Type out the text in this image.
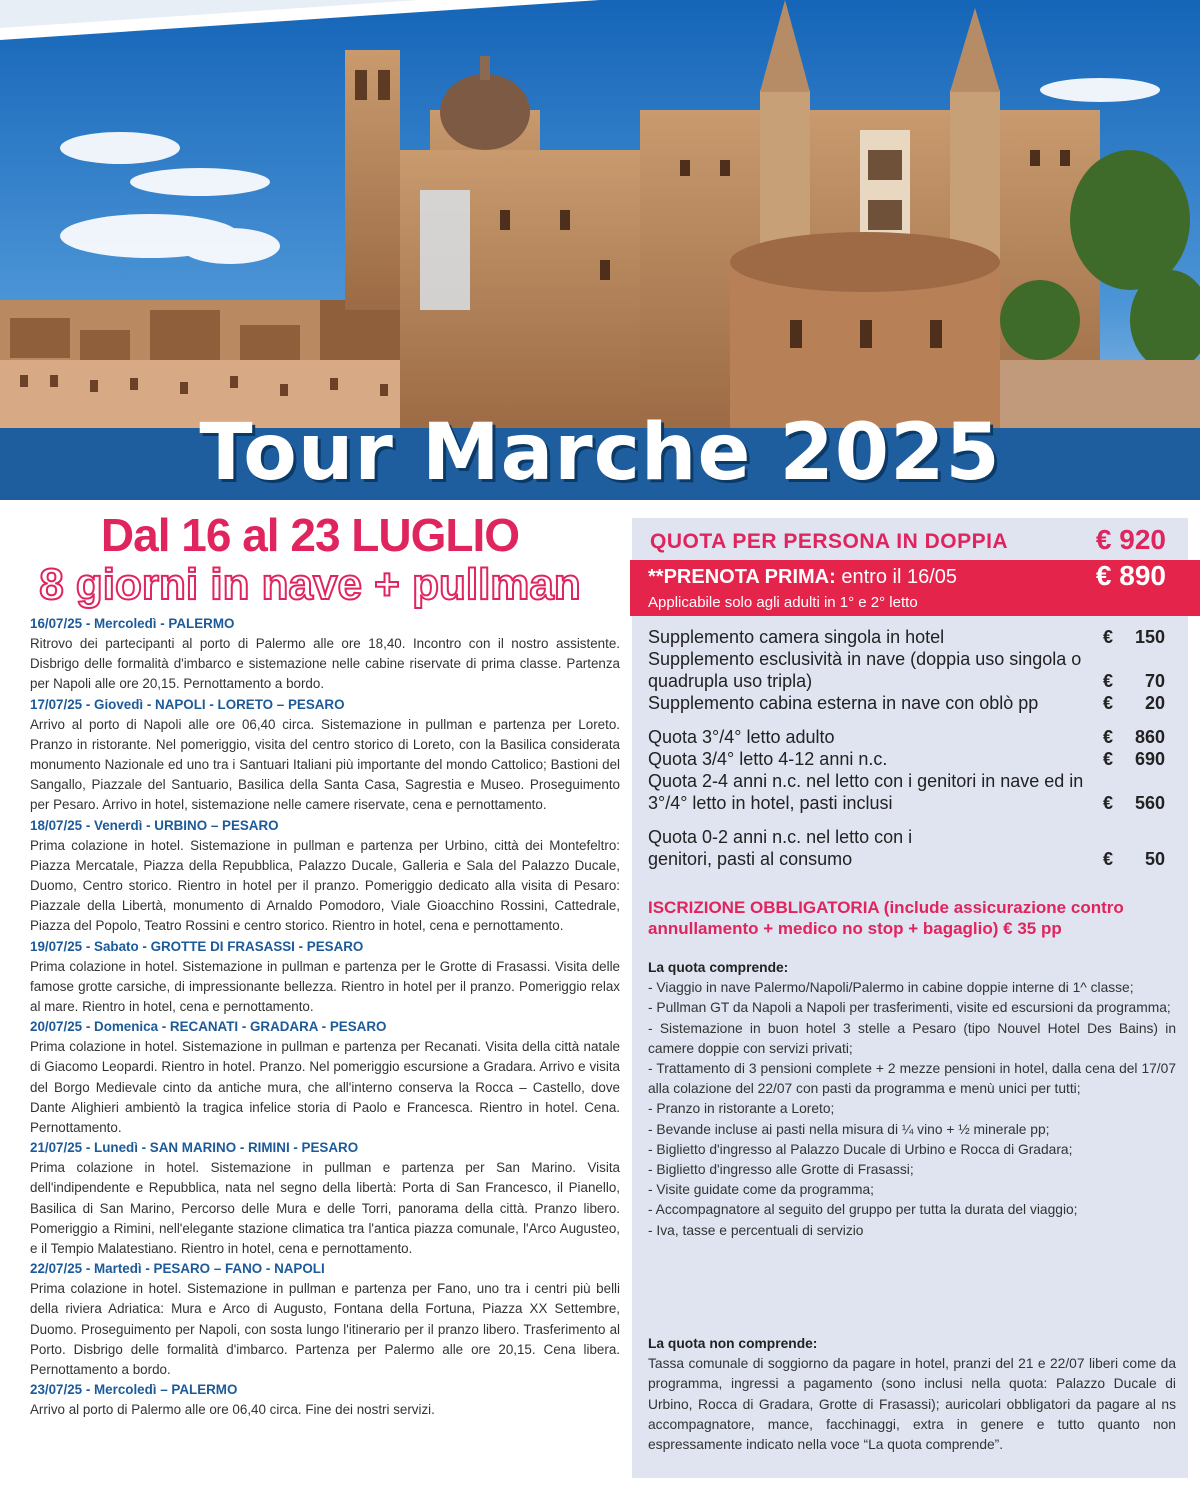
Tour Marche 2025
Dal 16 al 23 LUGLIO
8 giorni in nave + pullman
16/07/25 - Mercoledì - PALERMO
Ritrovo dei partecipanti al porto di Palermo alle ore 18,40. Incontro con il nostro assistente. Disbrigo delle formalità d'imbarco e sistemazione nelle cabine riservate di prima classe. Partenza per Napoli alle ore 20,15. Pernottamento a bordo.
17/07/25 - Giovedì - NAPOLI - LORETO – PESARO
Arrivo al porto di Napoli alle ore 06,40 circa. Sistemazione in pullman e partenza per Loreto. Pranzo in ristorante. Nel pomeriggio, visita del centro storico di Loreto, con la Basilica considerata monumento Nazionale ed uno tra i Santuari Italiani più importante del mondo Cattolico; Bastioni del Sangallo, Piazzale del Santuario, Basilica della Santa Casa, Sagrestia e Museo. Proseguimento per Pesaro. Arrivo in hotel, sistemazione nelle camere riservate, cena e pernottamento.
18/07/25 - Venerdì - URBINO – PESARO
Prima colazione in hotel. Sistemazione in pullman e partenza per Urbino, città dei Montefeltro: Piazza Mercatale, Piazza della Repubblica, Palazzo Ducale, Galleria e Sala del Palazzo Ducale, Duomo, Centro storico. Rientro in hotel per il pranzo. Pomeriggio dedicato alla visita di Pesaro: Piazzale della Libertà, monumento di Arnaldo Pomodoro, Viale Gioacchino Rossini, Cattedrale, Piazza del Popolo, Teatro Rossini e centro storico. Rientro in hotel, cena e pernottamento.
19/07/25 - Sabato - GROTTE DI FRASASSI - PESARO
Prima colazione in hotel. Sistemazione in pullman e partenza per le Grotte di Frasassi. Visita delle famose grotte carsiche, di impressionante bellezza. Rientro in hotel per il pranzo. Pomeriggio relax al mare. Rientro in hotel, cena e pernottamento.
20/07/25 - Domenica - RECANATI - GRADARA - PESARO
Prima colazione in hotel. Sistemazione in pullman e partenza per Recanati. Visita della città natale di Giacomo Leopardi. Rientro in hotel. Pranzo. Nel pomeriggio escursione a Gradara. Arrivo e visita del Borgo Medievale cinto da antiche mura, che all'interno conserva la Rocca – Castello, dove Dante Alighieri ambientò la tragica infelice storia di Paolo e Francesca. Rientro in hotel. Cena. Pernottamento.
21/07/25 - Lunedì - SAN MARINO - RIMINI - PESARO
Prima colazione in hotel. Sistemazione in pullman e partenza per San Marino. Visita dell'indipendente e Repubblica, nata nel segno della libertà: Porta di San Francesco, il Pianello, Basilica di San Marino, Percorso delle Mura e delle Torri, panorama della città. Pranzo libero. Pomeriggio a Rimini, nell'elegante stazione climatica tra l'antica piazza comunale, l'Arco Augusteo, e il Tempio Malatestiano. Rientro in hotel, cena e pernottamento.
22/07/25 - Martedì - PESARO – FANO - NAPOLI
Prima colazione in hotel. Sistemazione in pullman e partenza per Fano, uno tra i centri più belli della riviera Adriatica: Mura e Arco di Augusto, Fontana della Fortuna, Piazza XX Settembre, Duomo. Proseguimento per Napoli, con sosta lungo l'itinerario per il pranzo libero. Trasferimento al Porto. Disbrigo delle formalità d'imbarco. Partenza per Palermo alle ore 20,15. Cena libera. Pernottamento a bordo.
23/07/25 - Mercoledì – PALERMO
Arrivo al porto di Palermo alle ore 06,40 circa. Fine dei nostri servizi.
QUOTA PER PERSONA IN DOPPIA	€ 920
**PRENOTA PRIMA: entro il 16/05	€ 890
Applicabile solo agli adulti in 1° e 2° letto
Supplemento camera singola in hotel	€ 150
Supplemento esclusività in nave (doppia uso singola o quadrupla uso tripla)	€ 70
Supplemento cabina esterna in nave con oblò pp	€ 20
Quota 3°/4° letto adulto	€ 860
Quota 3/4° letto 4-12 anni n.c.	€ 690
Quota 2-4 anni n.c. nel letto con i genitori in nave ed in 3°/4° letto in hotel, pasti inclusi	€ 560
Quota 0-2 anni n.c. nel letto con i genitori, pasti al consumo	€ 50
ISCRIZIONE OBBLIGATORIA (include assicurazione contro annullamento + medico no stop + bagaglio) € 35 pp
La quota comprende:
- Viaggio in nave Palermo/Napoli/Palermo in cabine doppie interne di 1^ classe;
- Pullman GT da Napoli a Napoli per trasferimenti, visite ed escursioni da programma;
- Sistemazione in buon hotel 3 stelle a Pesaro (tipo Nouvel Hotel Des Bains) in camere doppie con servizi privati;
- Trattamento di 3 pensioni complete + 2 mezze pensioni in hotel, dalla cena del 17/07 alla colazione del 22/07 con pasti da programma e menù unici per tutti;
- Pranzo in ristorante a Loreto;
- Bevande incluse ai pasti nella misura di ¼ vino + ½ minerale pp;
- Biglietto d'ingresso al Palazzo Ducale di Urbino e Rocca di Gradara;
- Biglietto d'ingresso alle Grotte di Frasassi;
- Visite guidate come da programma;
- Accompagnatore al seguito del gruppo per tutta la durata del viaggio;
- Iva, tasse e percentuali di servizio
La quota non comprende:
Tassa comunale di soggiorno da pagare in hotel, pranzi del 21 e 22/07 liberi come da programma, ingressi a pagamento (sono inclusi nella quota: Palazzo Ducale di Urbino, Rocca di Gradara, Grotte di Frasassi); auricolari obbligatori da pagare al ns accompagnatore, mance, facchinaggi, extra in genere e tutto quanto non espressamente indicato nella voce “La quota comprende”.
